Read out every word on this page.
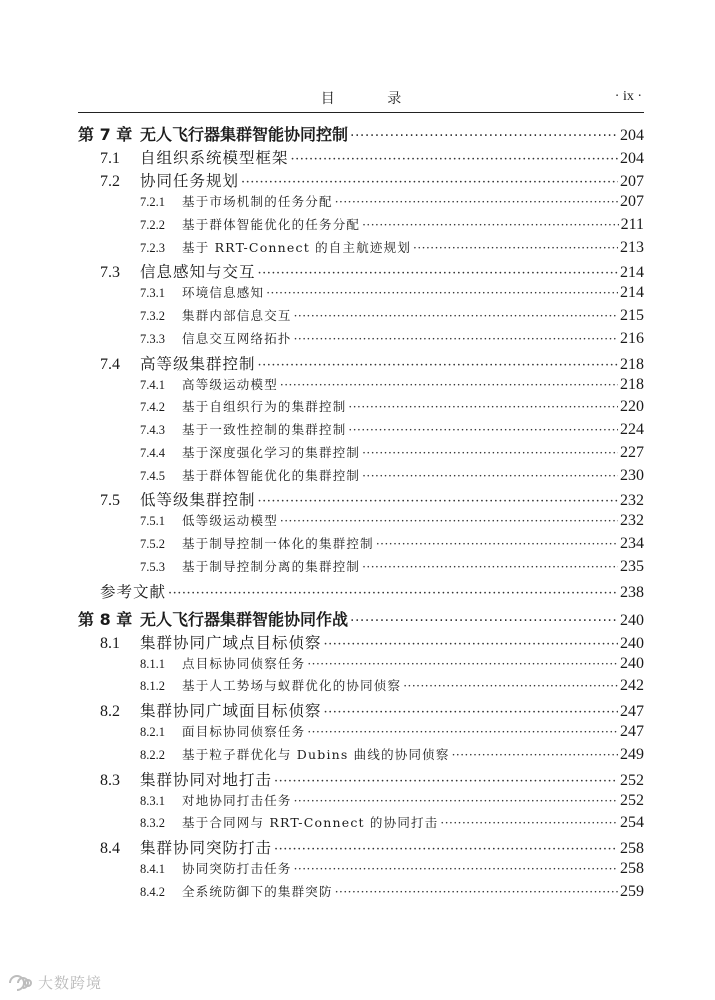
目 录	· ix ·
第 7 章 无人飞行器集群智能协同控制 ·····	204
7.1	自组织系统模型框架 ·····	204
7.2	协同任务规划 ·····	207
7.2.1	基于市场机制的任务分配 ·····	207
7.2.2	基于群体智能优化的任务分配 ·····	211
7.2.3	基于 RRT-Connect 的自主航迹规划 ·····	213
7.3	信息感知与交互 ·····	214
7.3.1	环境信息感知 ·····	214
7.3.2	集群内部信息交互 ·····	215
7.3.3	信息交互网络拓扑 ·····	216
7.4	高等级集群控制 ·····	218
7.4.1	高等级运动模型 ·····	218
7.4.2	基于自组织行为的集群控制 ·····	220
7.4.3	基于一致性控制的集群控制 ·····	224
7.4.4	基于深度强化学习的集群控制 ·····	227
7.4.5	基于群体智能优化的集群控制 ·····	230
7.5	低等级集群控制 ·····	232
7.5.1	低等级运动模型 ·····	232
7.5.2	基于制导控制一体化的集群控制 ·····	234
7.5.3	基于制导控制分离的集群控制 ·····	235
参考文献 ·····	238
第 8 章 无人飞行器集群智能协同作战 ·····	240
8.1	集群协同广域点目标侦察 ·····	240
8.1.1	点目标协同侦察任务 ·····	240
8.1.2	基于人工势场与蚁群优化的协同侦察 ·····	242
8.2	集群协同广域面目标侦察 ·····	247
8.2.1	面目标协同侦察任务 ·····	247
8.2.2	基于粒子群优化与 Dubins 曲线的协同侦察 ·····	249
8.3	集群协同对地打击 ·····	252
8.3.1	对地协同打击任务 ·····	252
8.3.2	基于合同网与 RRT-Connect 的协同打击 ·····	254
8.4	集群协同突防打击 ·····	258
8.4.1	协同突防打击任务 ·····	258
8.4.2	全系统防御下的集群突防 ·····	259
大数跨境
